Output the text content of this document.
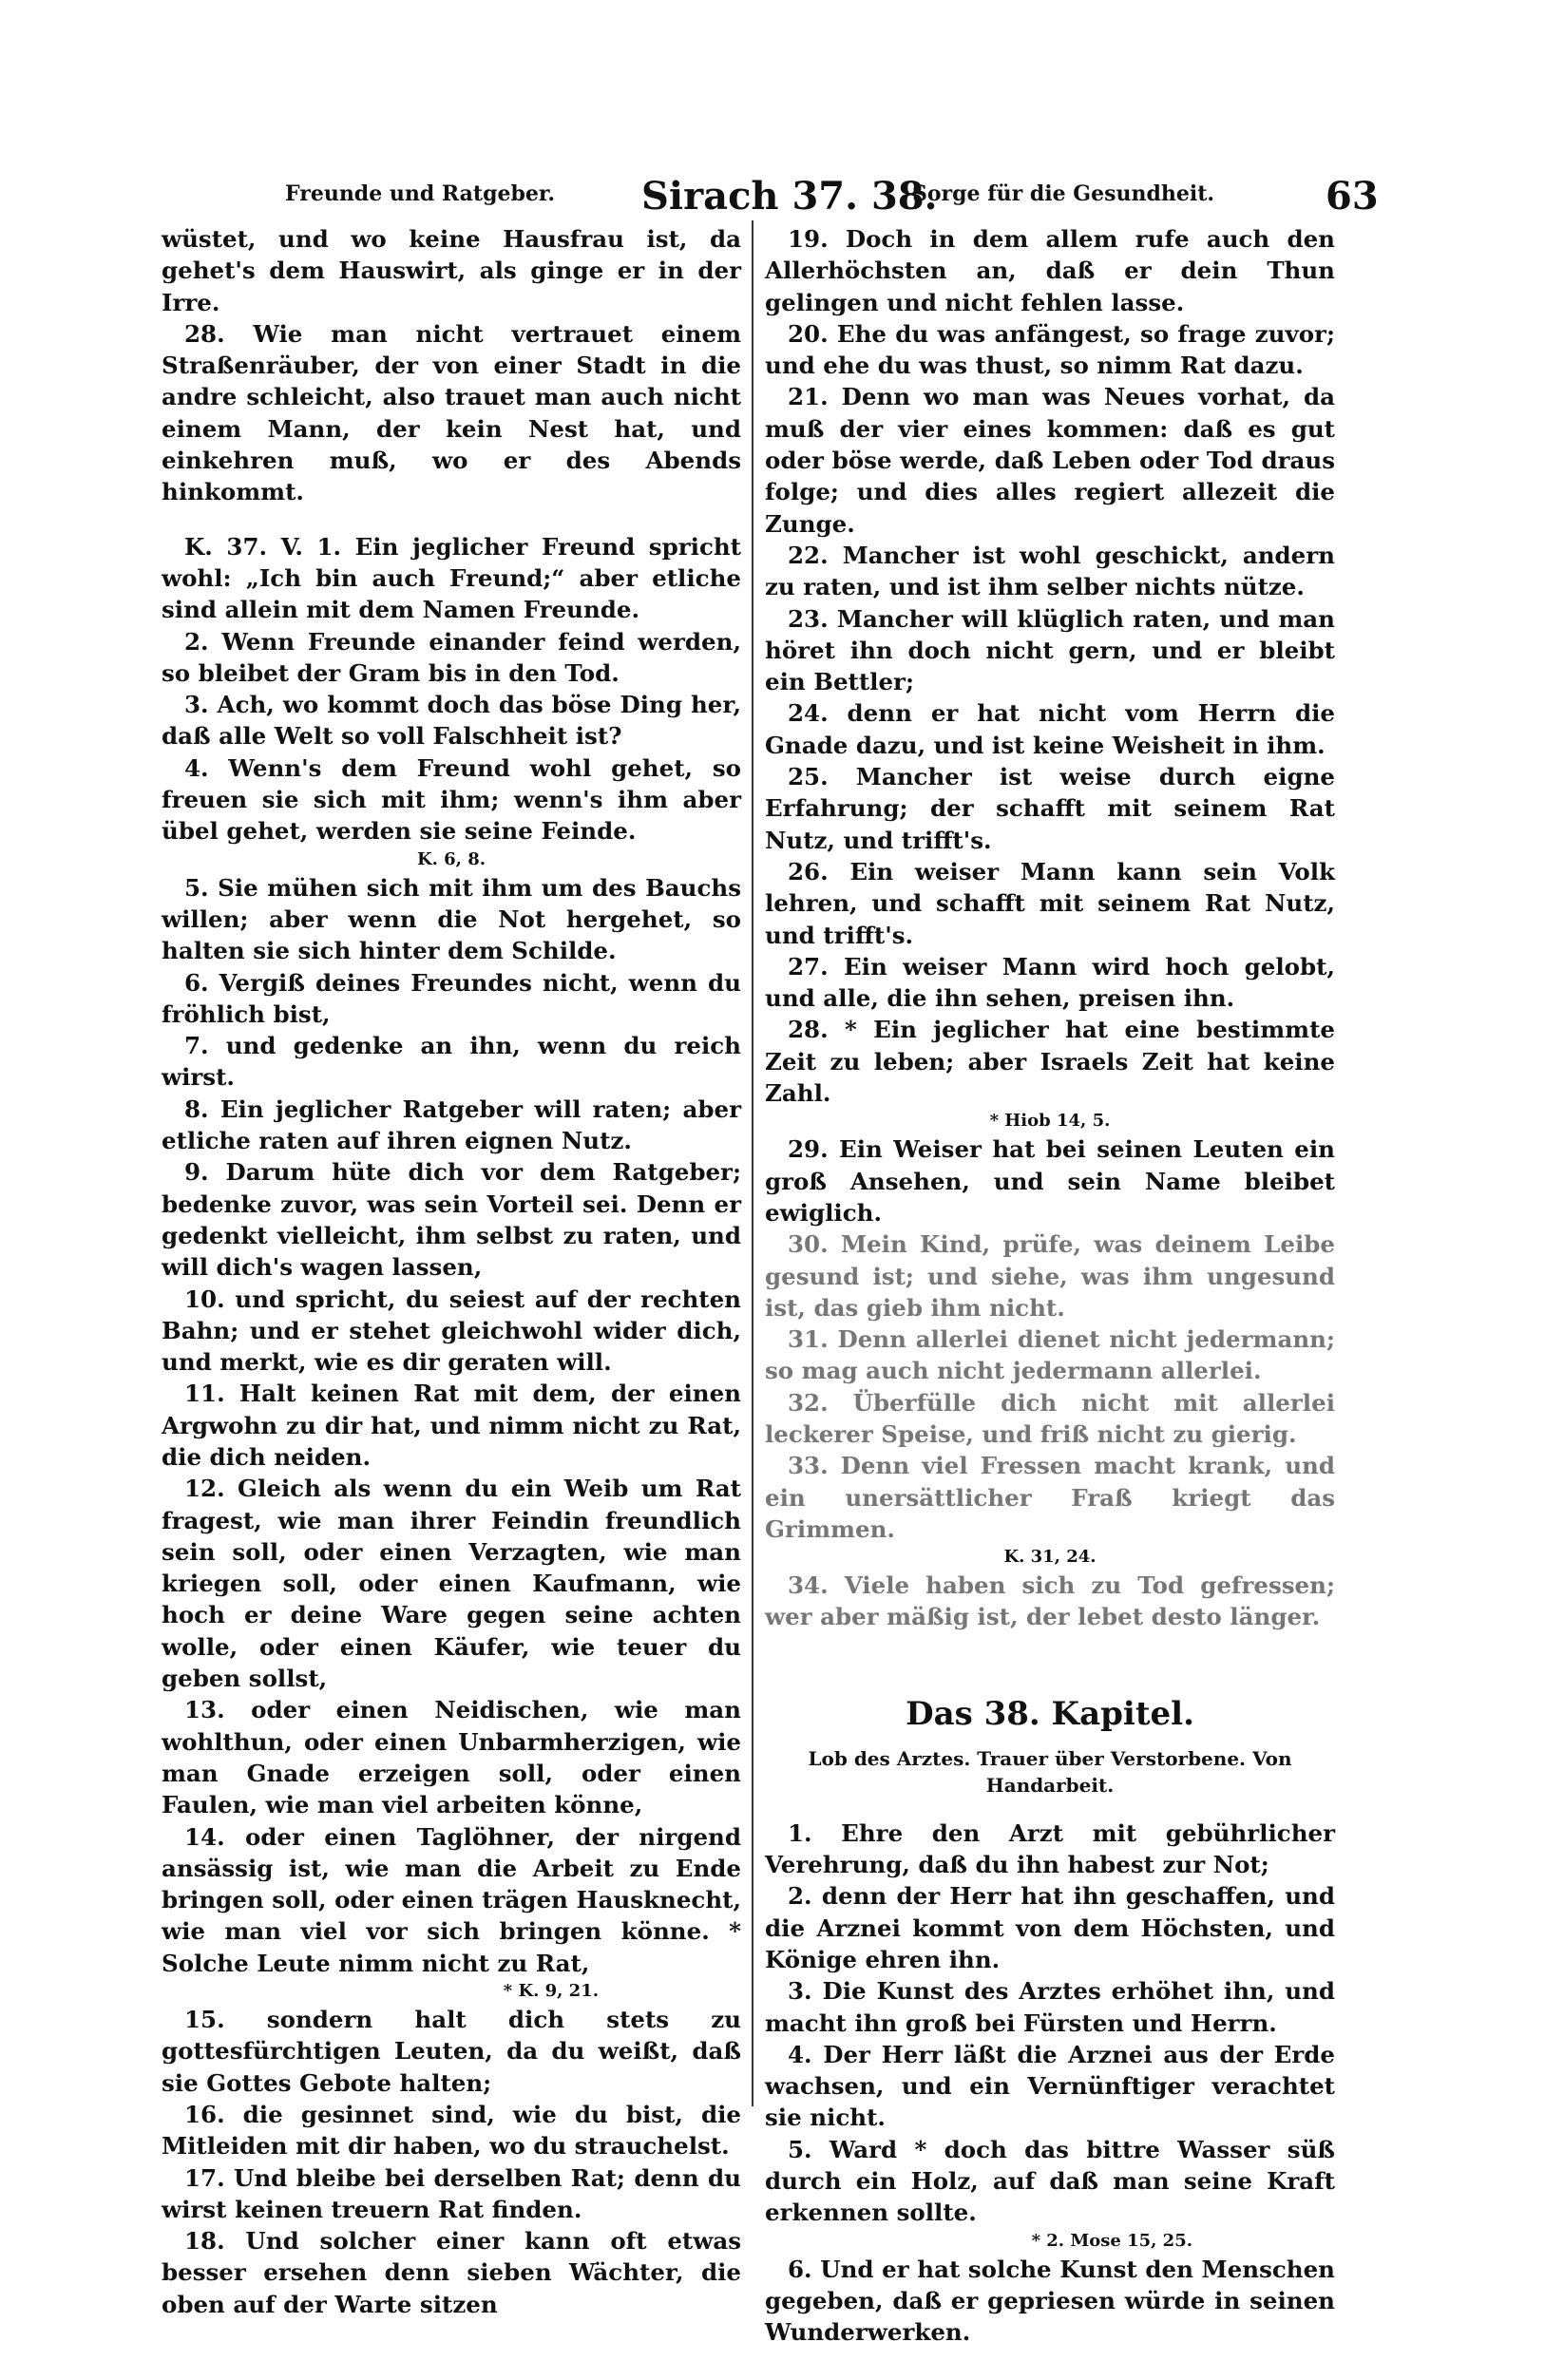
Freunde und Ratgeber. Sirach 37. 38.
Sorge für die Gesundheit.	63

wüstet, und wo keine Hausfrau ist, da gehet's dem Hauswirt, als ginge er in der Irre.

28. Wie man nicht vertrauet einem Straßenräuber, der von einer Stadt in die andre schleicht, also trauet man auch nicht einem Mann, der kein Nest hat, und einkehren muß, wo er des Abends hinkommt.

K. 37. V. 1. Ein jeglicher Freund spricht wohl: „Ich bin auch Freund;“ aber etliche sind allein mit dem Namen Freunde.

2. Wenn Freunde einander feind werden, so bleibet der Gram bis in den Tod.

3. Ach, wo kommt doch das böse Ding her, daß alle Welt so voll Falschheit ist?

4. Wenn's dem Freund wohl gehet, so freuen sie sich mit ihm; wenn's ihm aber übel gehet, werden sie seine Feinde.

K. 6, 8.

5. Sie mühen sich mit ihm um des Bauchs willen; aber wenn die Not hergehet, so halten sie sich hinter dem Schilde.

6. Vergiß deines Freundes nicht, wenn du fröhlich bist,

7. und gedenke an ihn, wenn du reich wirst.

8. Ein jeglicher Ratgeber will raten; aber etliche raten auf ihren eignen Nutz.

9. Darum hüte dich vor dem Ratgeber; bedenke zuvor, was sein Vorteil sei. Denn er gedenkt vielleicht, ihm selbst zu raten, und will dich's wagen lassen,

10. und spricht, du seiest auf der rechten Bahn; und er stehet gleichwohl wider dich, und merkt, wie es dir geraten will.

11. Halt keinen Rat mit dem, der einen Argwohn zu dir hat, und nimm nicht zu Rat, die dich neiden.

12. Gleich als wenn du ein Weib um Rat fragest, wie man ihrer Feindin freundlich sein soll, oder einen Verzagten, wie man kriegen soll, oder einen Kaufmann, wie hoch er deine Ware gegen seine achten wolle, oder einen Käufer, wie teuer du geben sollst,

13. oder einen Neidischen, wie man wohlthun, oder einen Unbarmherzigen, wie man Gnade erzeigen soll, oder einen Faulen, wie man viel arbeiten könne,

14. oder einen Taglöhner, der nirgend ansässig ist, wie man die Arbeit zu Ende bringen soll, oder einen trägen Hausknecht, wie man viel vor sich bringen könne. * Solche Leute nimm nicht zu Rat,

* K. 9, 21.

15. sondern halt dich stets zu gottesfürchtigen Leuten, da du weißt, daß sie Gottes Gebote halten;

16. die gesinnet sind, wie du bist, die Mitleiden mit dir haben, wo du strauchelst.

17. Und bleibe bei derselben Rat; denn du wirst keinen treuern Rat finden.

18. Und solcher einer kann oft etwas besser ersehen denn sieben Wächter, die oben auf der Warte sitzen

19. Doch in dem allem rufe auch den Allerhöchsten an, daß er dein Thun gelingen und nicht fehlen lasse.

20. Ehe du was anfängest, so frage zuvor; und ehe du was thust, so nimm Rat dazu.

21. Denn wo man was Neues vorhat, da muß der vier eines kommen: daß es gut oder böse werde, daß Leben oder Tod draus folge; und dies alles regiert allezeit die Zunge.

22. Mancher ist wohl geschickt, andern zu raten, und ist ihm selber nichts nütze.

23. Mancher will klüglich raten, und man höret ihn doch nicht gern, und er bleibt ein Bettler;

24. denn er hat nicht vom Herrn die Gnade dazu, und ist keine Weisheit in ihm.

25. Mancher ist weise durch eigne Erfahrung; der schafft mit seinem Rat Nutz, und trifft's.

26. Ein weiser Mann kann sein Volk lehren, und schafft mit seinem Rat Nutz, und trifft's.

27. Ein weiser Mann wird hoch gelobt, und alle, die ihn sehen, preisen ihn.

28. * Ein jeglicher hat eine bestimmte Zeit zu leben; aber Israels Zeit hat keine Zahl.

* Hiob 14, 5.

29. Ein Weiser hat bei seinen Leuten ein groß Ansehen, und sein Name bleibet ewiglich.

30. Mein Kind, prüfe, was deinem Leibe gesund ist; und siehe, was ihm ungesund ist, das gieb ihm nicht.

31. Denn allerlei dienet nicht jedermann; so mag auch nicht jedermann allerlei.

32. Überfülle dich nicht mit allerlei leckerer Speise, und friß nicht zu gierig.

33. Denn viel Fressen macht krank, und ein unersättlicher Fraß kriegt das Grimmen.

K. 31, 24.

34. Viele haben sich zu Tod gefressen; wer aber mäßig ist, der lebet desto länger.

Das 38. Kapitel.
Lob des Arztes. Trauer über Verstorbene. Von Handarbeit.

1. Ehre den Arzt mit gebührlicher Verehrung, daß du ihn habest zur Not;

2. denn der Herr hat ihn geschaffen, und die Arznei kommt von dem Höchsten, und Könige ehren ihn.

3. Die Kunst des Arztes erhöhet ihn, und macht ihn groß bei Fürsten und Herrn.

4. Der Herr läßt die Arznei aus der Erde wachsen, und ein Vernünftiger verachtet sie nicht.

5. Ward * doch das bittre Wasser süß durch ein Holz, auf daß man seine Kraft erkennen sollte.

* 2. Mose 15, 25.

6. Und er hat solche Kunst den Menschen gegeben, daß er gepriesen würde in seinen Wunderwerken.
